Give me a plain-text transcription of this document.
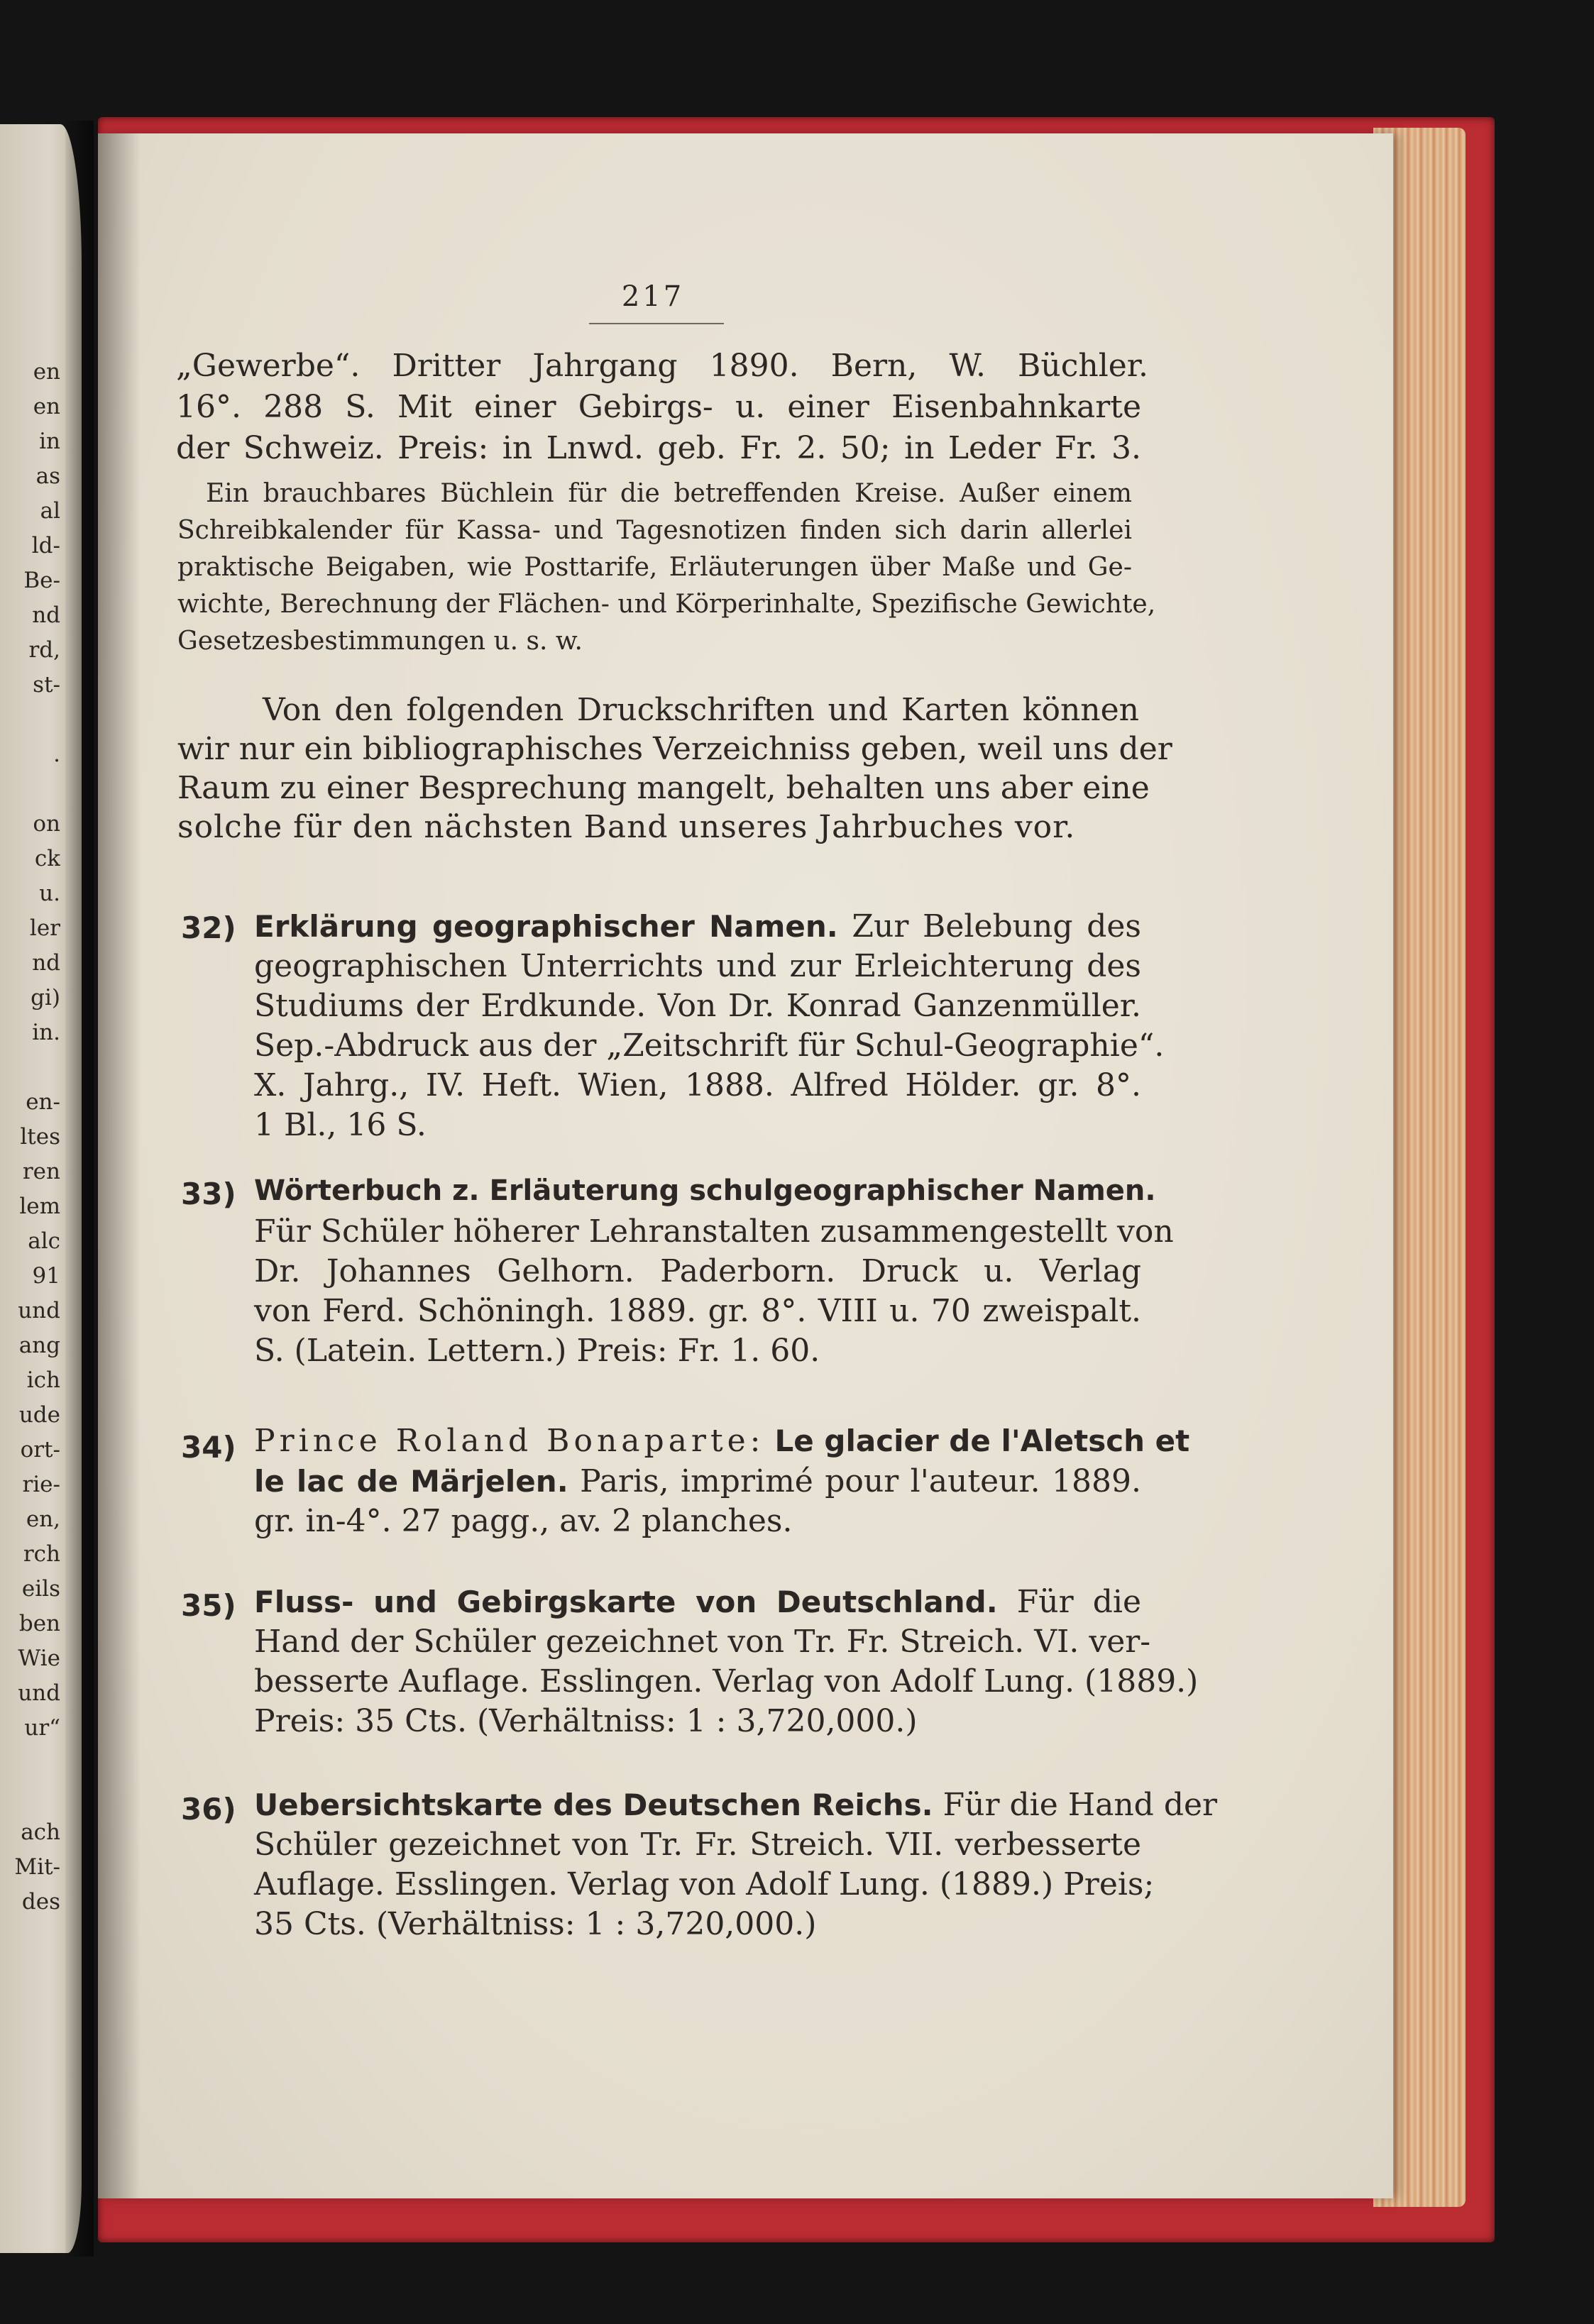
en
en
in
as
al
ld-
Be-
nd
rd,
st-
.
on
ck
u.
ler
nd
gi)
in.
en-
ltes
ren
lem
alc
91
und
ang
ich
ude
ort-
rie-
en,
rch
eils
ben
Wie
und
ur“
ach
Mit-
des
217
„Gewerbe“. Dritter Jahrgang 1890. Bern, W. Büchler.
16°. 288 S. Mit einer Gebirgs- u. einer Eisenbahnkarte
der Schweiz. Preis: in Lnwd. geb. Fr. 2. 50; in Leder Fr. 3.
Ein brauchbares Büchlein für die betreffenden Kreise. Außer einem
Schreibkalender für Kassa- und Tagesnotizen finden sich darin allerlei
praktische Beigaben, wie Posttarife, Erläuterungen über Maße und Ge-
wichte, Berechnung der Flächen- und Körperinhalte, Spezifische Gewichte,
Gesetzesbestimmungen u. s. w.
Von den folgenden Druckschriften und Karten können
wir nur ein bibliographisches Verzeichniss geben, weil uns der
Raum zu einer Besprechung mangelt, behalten uns aber eine
solche für den nächsten Band unseres Jahrbuches vor.
32) Erklärung geographischer Namen. Zur Belebung des
geographischen Unterrichts und zur Erleichterung des
Studiums der Erdkunde. Von Dr. Konrad Ganzenmüller.
Sep.-Abdruck aus der „Zeitschrift für Schul-Geographie“.
X. Jahrg., IV. Heft. Wien, 1888. Alfred Hölder. gr. 8°.
1 Bl., 16 S.
33) Wörterbuch z. Erläuterung schulgeographischer Namen.
Für Schüler höherer Lehranstalten zusammengestellt von
Dr. Johannes Gelhorn. Paderborn. Druck u. Verlag
von Ferd. Schöningh. 1889. gr. 8°. VIII u. 70 zweispalt.
S. (Latein. Lettern.) Preis: Fr. 1. 60.
34) Prince Roland Bonaparte: Le glacier de l'Aletsch et
le lac de Märjelen. Paris, imprimé pour l'auteur. 1889.
gr. in-4°. 27 pagg., av. 2 planches.
35) Fluss- und Gebirgskarte von Deutschland. Für die
Hand der Schüler gezeichnet von Tr. Fr. Streich. VI. ver-
besserte Auflage. Esslingen. Verlag von Adolf Lung. (1889.)
Preis: 35 Cts. (Verhältniss: 1 : 3,720,000.)
36) Uebersichtskarte des Deutschen Reichs. Für die Hand der
Schüler gezeichnet von Tr. Fr. Streich. VII. verbesserte
Auflage. Esslingen. Verlag von Adolf Lung. (1889.) Preis;
35 Cts. (Verhältniss: 1 : 3,720,000.)
